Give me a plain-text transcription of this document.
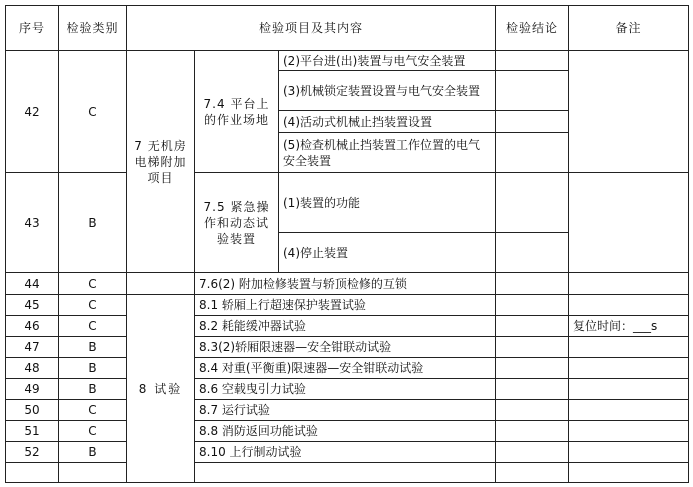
序号	检验类别	检验项目及其内容			检验结论	备注
42	C	7 无机房电梯附加项目	7.4 平台上的作业场地	(2)平台进(出)装置与电气安全装置		
				(3)机械锁定装置设置与电气安全装置		
				(4)活动式机械止挡装置设置		
				(5)检查机械止挡装置工作位置的电气安全装置		
43	B		7.5 紧急操作和动态试验装置	(1)装置的功能		
				(4)停止装置		
44	C		7.6(2) 附加检修装置与轿顶检修的互锁			
45	C	8 试验	8.1 轿厢上行超速保护装置试验			
46	C		8.2 耗能缓冲器试验			复位时间：___s
47	B		8.3(2)轿厢限速器—安全钳联动试验			
48	B		8.4 对重(平衡重)限速器—安全钳联动试验			
49	B		8.6 空载曳引力试验			
50	C		8.7 运行试验			
51	C		8.8 消防返回功能试验			
52	B		8.10 上行制动试验			
